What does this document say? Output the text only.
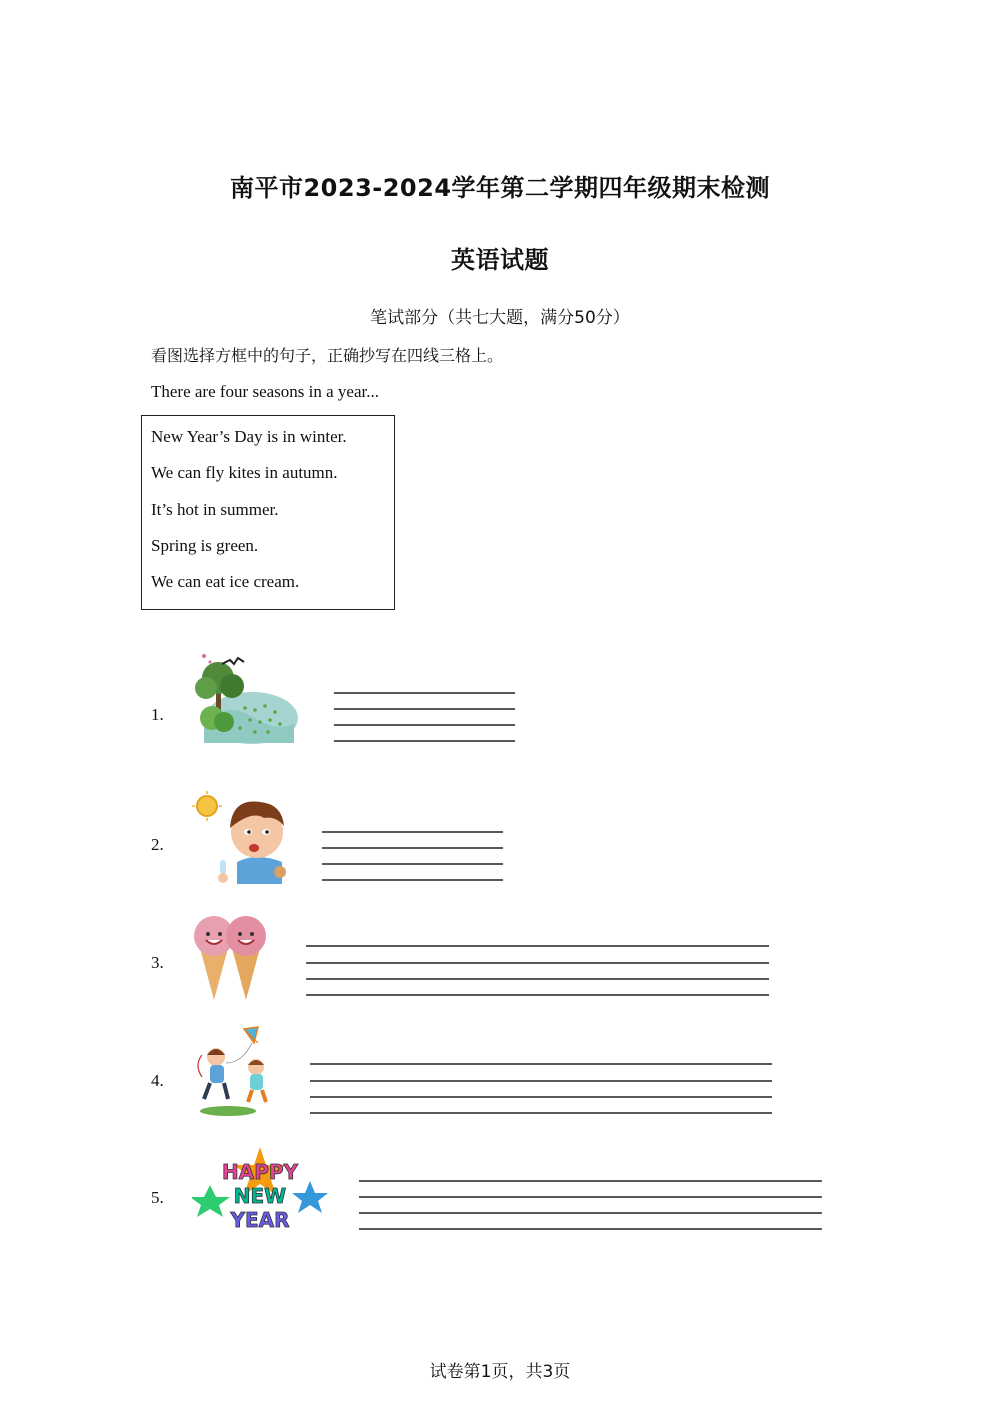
南平市2023-2024学年第二学期四年级期末检测
英语试题
笔试部分（共七大题，满分50分）
看图选择方框中的句子，正确抄写在四线三格上。
There are four seasons in a year...
New Year’s Day is in winter.
We can fly kites in autumn.
It’s hot in summer.
Spring is green.
We can eat ice cream.
1.
2.
3.
4.
5.
HAPPY
NEW
YEAR
试卷第1页，共3页
